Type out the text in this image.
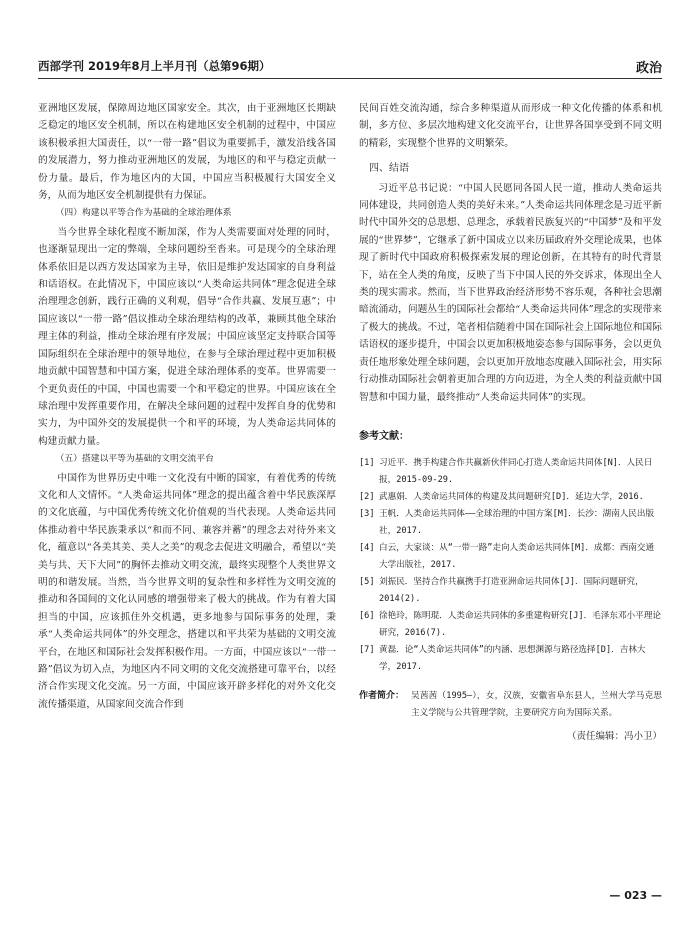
西部学刊 2019年8月上半月刊（总第96期）	政治

亚洲地区发展，保障周边地区国家安全。其次，由于亚洲地区长期缺乏稳定的地区安全机制，所以在构建地区安全机制的过程中，中国应该积极承担大国责任，以“一带一路”倡议为重要抓手，激发沿线各国的发展潜力，努力推动亚洲地区的发展，为地区的和平与稳定贡献一份力量。最后，作为地区内的大国，中国应当积极履行大国安全义务，从而为地区安全机制提供有力保证。

（四）构建以平等合作为基础的全球治理体系

当今世界全球化程度不断加深，作为人类需要面对处理的同时，也逐渐显现出一定的弊端，全球问题纷至沓来。可是现今的全球治理体系依旧是以西方发达国家为主导，依旧是维护发达国家的自身利益和话语权。在此情况下，中国应该以“人类命运共同体”理念促进全球治理理念创新，践行正确的义利观，倡导“合作共赢、发展互惠”；中国应该以“一带一路”倡议推动全球治理结构的改革，兼顾其他全球治理主体的利益，推动全球治理有序发展；中国应该坚定支持联合国等国际组织在全球治理中的领导地位，在参与全球治理过程中更加积极地贡献中国智慧和中国方案，促进全球治理体系的变革。世界需要一个更负责任的中国，中国也需要一个和平稳定的世界。中国应该在全球治理中发挥重要作用，在解决全球问题的过程中发挥自身的优势和实力，为中国外交的发展提供一个和平的环境，为人类命运共同体的构建贡献力量。

（五）搭建以平等为基础的文明交流平台

中国作为世界历史中唯一文化没有中断的国家，有着优秀的传统文化和人文情怀。“人类命运共同体”理念的提出蕴含着中华民族深厚的文化底蕴，与中国优秀传统文化价值观的当代表现。人类命运共同体推动着中华民族秉承以“和而不同、兼容并蓄”的理念去对待外来文化，蕴意以“各美其美、美人之美”的观念去促进文明融合，希望以“美美与共、天下大同”的胸怀去推动文明交流，最终实现整个人类世界文明的和谐发展。当然，当今世界文明的复杂性和多样性为文明交流的推动和各国间的文化认同感的增强带来了极大的挑战。作为有着大国担当的中国，应该抓住外交机遇，更多地参与国际事务的处理，秉承“人类命运共同体”的外交理念，搭建以和平共荣为基础的文明交流平台，在地区和国际社会发挥积极作用。一方面，中国应该以“一带一路”倡议为切入点，为地区内不同文明的文化交流搭建可靠平台，以经济合作实现文化交流。另一方面，中国应该开辟多样化的对外文化交流传播渠道，从国家间交流合作到

民间百姓交流沟通，综合多种渠道从而形成一种文化传播的体系和机制，多方位、多层次地构建文化交流平台，让世界各国享受到不同文明的精彩，实现整个世界的文明繁荣。

四、结语

习近平总书记说：“中国人民愿同各国人民一道，推动人类命运共同体建设，共同创造人类的美好未来。”人类命运共同体理念是习近平新时代中国外交的总思想、总理念，承载着民族复兴的“中国梦”及和平发展的“世界梦”，它继承了新中国成立以来历届政府外交理论成果，也体现了新时代中国政府积极探索发展的理论创新，在其特有的时代背景下，站在全人类的角度，反映了当下中国人民的外交诉求，体现出全人类的现实需求。然而，当下世界政治经济形势不容乐观，各种社会思潮暗流涌动，问题丛生的国际社会都给“人类命运共同体”理念的实现带来了极大的挑战。不过，笔者相信随着中国在国际社会上国际地位和国际话语权的逐步提升，中国会以更加积极地姿态参与国际事务，会以更负责任地形象处理全球问题，会以更加开放地态度融入国际社会，用实际行动推动国际社会朝着更加合理的方向迈进，为全人类的利益贡献中国智慧和中国力量，最终推动“人类命运共同体”的实现。

参考文献：
[1] 习近平．携手构建合作共赢新伙伴同心打造人类命运共同体[N]．人民日报，2015-09-29.
[2] 武惠娟．人类命运共同体的构建及其问题研究[D]．延边大学，2016.
[3] 王帆．人类命运共同体——全球治理的中国方案[M]．长沙：湖南人民出版社，2017.
[4] 白云，大家谈：从“一带一路”走向人类命运共同体[M]．成都：西南交通大学出版社，2017.
[5] 刘振民．坚持合作共赢携手打造亚洲命运共同体[J]．国际问题研究，2014(2).
[6] 徐艳玲，陈明琨．人类命运共同体的多重建构研究[J]．毛泽东邓小平理论研究，2016(7).
[7] 黄磊．论“人类命运共同体”的内涵、思想渊源与路径选择[D]．吉林大学，2017.
作者简介： 吴茜茜（1995—），女，汉族，安徽省阜东县人，兰州大学马克思主义学院与公共管理学院，主要研究方向为国际关系。
（责任编辑：冯小卫）
— 023 —
